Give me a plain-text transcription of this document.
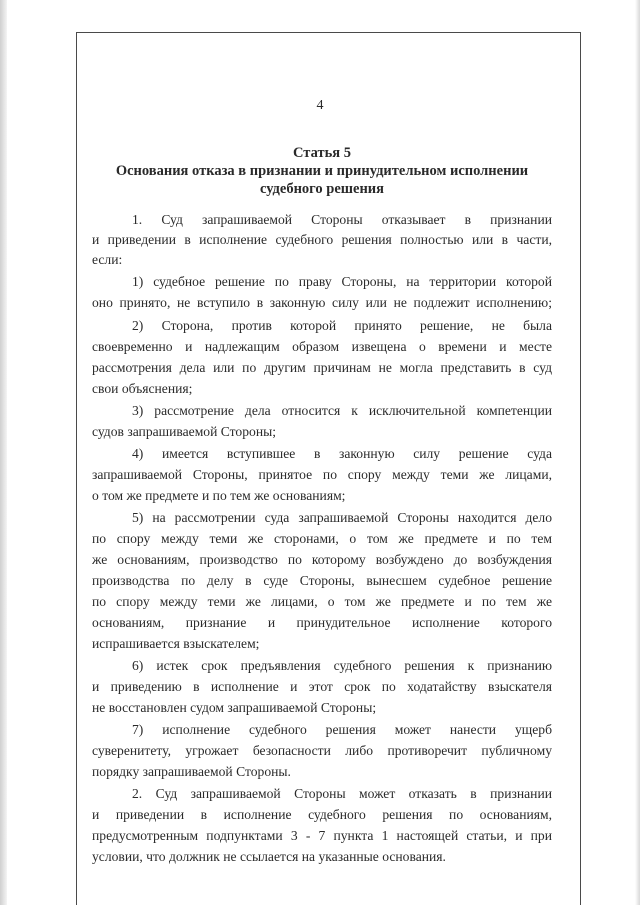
4
Статья 5
Основания отказа в признании и принудительном исполнении
судебного решения
1. Суд запрашиваемой Стороны отказывает в признании
и приведении в исполнение судебного решения полностью или в части,
если:
1) судебное решение по праву Стороны, на территории которой
оно принято, не вступило в законную силу или не подлежит исполнению;
2) Сторона, против которой принято решение, не была
своевременно и надлежащим образом извещена о времени и месте
рассмотрения дела или по другим причинам не могла представить в суд
свои объяснения;
3) рассмотрение дела относится к исключительной компетенции
судов запрашиваемой Стороны;
4) имеется вступившее в законную силу решение суда
запрашиваемой Стороны, принятое по спору между теми же лицами,
о том же предмете и по тем же основаниям;
5) на рассмотрении суда запрашиваемой Стороны находится дело
по спору между теми же сторонами, о том же предмете и по тем
же основаниям, производство по которому возбуждено до возбуждения
производства по делу в суде Стороны, вынесшем судебное решение
по спору между теми же лицами, о том же предмете и по тем же
основаниям, признание и принудительное исполнение которого
испрашивается взыскателем;
6) истек срок предъявления судебного решения к признанию
и приведению в исполнение и этот срок по ходатайству взыскателя
не восстановлен судом запрашиваемой Стороны;
7) исполнение судебного решения может нанести ущерб
суверенитету, угрожает безопасности либо противоречит публичному
порядку запрашиваемой Стороны.
2. Суд запрашиваемой Стороны может отказать в признании
и приведении в исполнение судебного решения по основаниям,
предусмотренным подпунктами 3 - 7 пункта 1 настоящей статьи, и при
условии, что должник не ссылается на указанные основания.
